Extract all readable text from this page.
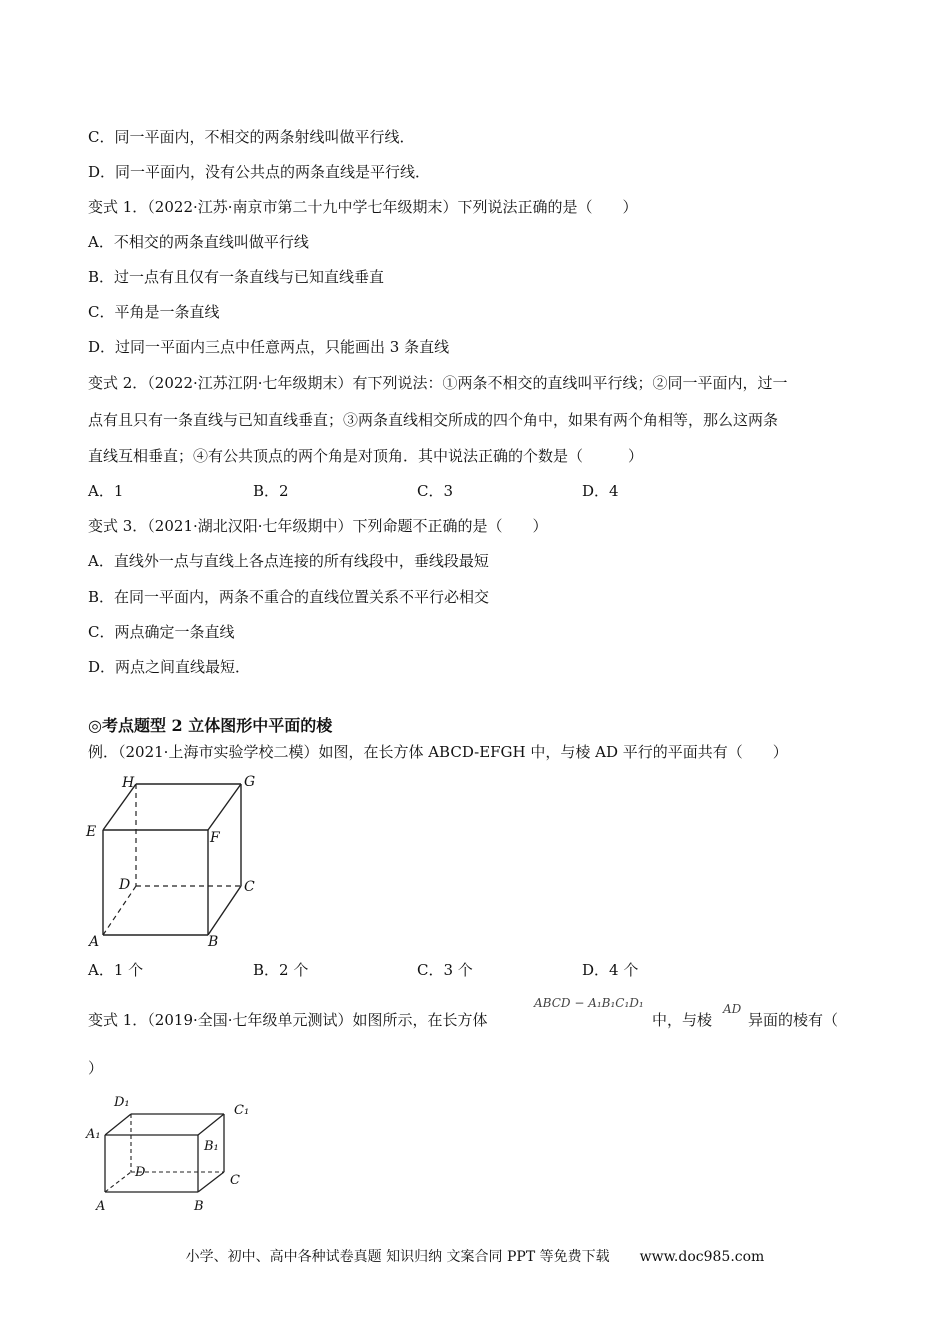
C．同一平面内，不相交的两条射线叫做平行线．
D．同一平面内，没有公共点的两条直线是平行线．
变式 1．（2022·江苏·南京市第二十九中学七年级期末）下列说法正确的是（　　）
A．不相交的两条直线叫做平行线
B．过一点有且仅有一条直线与已知直线垂直
C．平角是一条直线
D．过同一平面内三点中任意两点，只能画出 3 条直线
变式 2．（2022·江苏江阴·七年级期末）有下列说法：①两条不相交的直线叫平行线；②同一平面内，过一
点有且只有一条直线与已知直线垂直；③两条直线相交所成的四个角中，如果有两个角相等，那么这两条
直线互相垂直；④有公共顶点的两个角是对顶角．其中说法正确的个数是（　　　）
A．1	B．2	C．3	D．4
变式 3．（2021·湖北汉阳·七年级期中）下列命题不正确的是（　　）
A．直线外一点与直线上各点连接的所有线段中，垂线段最短
B．在同一平面内，两条不重合的直线位置关系不平行必相交
C．两点确定一条直线
D．两点之间直线最短．
◎考点题型 2 立体图形中平面的棱
例．（2021·上海市实验学校二模）如图，在长方体 ABCD-EFGH 中，与棱 AD 平行的平面共有（　　）
H	G
E	F
D	C
A	B
A．1 个	B．2 个	C．3 个	D．4 个
变式 1．（2019·全国·七年级单元测试）如图所示，在长方体
ABCD − A₁B₁C₁D₁
中，与棱
AD
异面的棱有（
）
D₁
C₁
A₁
B₁
D
C
A	B
小学、初中、高中各种试卷真题 知识归纳 文案合同 PPT 等免费下载 www.doc985.com
